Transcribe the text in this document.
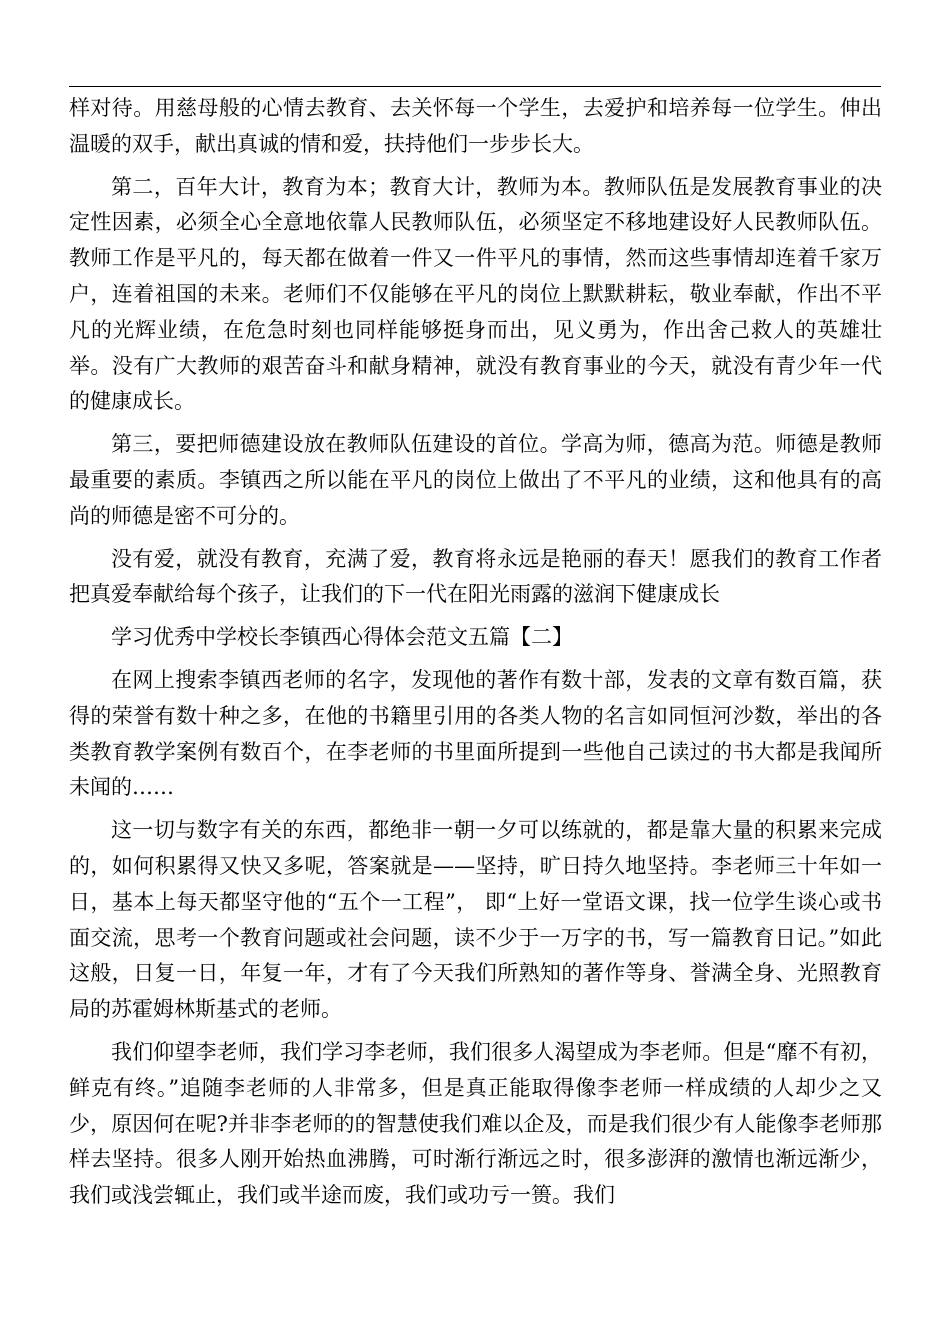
样对待。用慈母般的心情去教育、去关怀每一个学生，去爱护和培养每一位学生。伸出温暖的双手，献出真诚的情和爱，扶持他们一步步长大。

第二，百年大计，教育为本；教育大计，教师为本。教师队伍是发展教育事业的决定性因素，必须全心全意地依靠人民教师队伍，必须坚定不移地建设好人民教师队伍。教师工作是平凡的，每天都在做着一件又一件平凡的事情，然而这些事情却连着千家万户，连着祖国的未来。老师们不仅能够在平凡的岗位上默默耕耘，敬业奉献，作出不平凡的光辉业绩，在危急时刻也同样能够挺身而出，见义勇为，作出舍己救人的英雄壮举。没有广大教师的艰苦奋斗和献身精神，就没有教育事业的今天，就没有青少年一代的健康成长。

第三，要把师德建设放在教师队伍建设的首位。学高为师，德高为范。师德是教师最重要的素质。李镇西之所以能在平凡的岗位上做出了不平凡的业绩，这和他具有的高尚的师德是密不可分的。

没有爱，就没有教育，充满了爱，教育将永远是艳丽的春天！愿我们的教育工作者把真爱奉献给每个孩子，让我们的下一代在阳光雨露的滋润下健康成长

学习优秀中学校长李镇西心得体会范文五篇【二】

在网上搜索李镇西老师的名字，发现他的著作有数十部，发表的文章有数百篇，获得的荣誉有数十种之多，在他的书籍里引用的各类人物的名言如同恒河沙数，举出的各类教育教学案例有数百个，在李老师的书里面所提到一些他自己读过的书大都是我闻所未闻的……

这一切与数字有关的东西，都绝非一朝一夕可以练就的，都是靠大量的积累来完成的，如何积累得又快又多呢，答案就是——坚持，旷日持久地坚持。李老师三十年如一日，基本上每天都坚守他的“五个一工程”， 即“上好一堂语文课，找一位学生谈心或书面交流，思考一个教育问题或社会问题，读不少于一万字的书，写一篇教育日记。”如此这般，日复一日，年复一年，才有了今天我们所熟知的著作等身、誉满全身、光照教育局的苏霍姆林斯基式的老师。

我们仰望李老师，我们学习李老师，我们很多人渴望成为李老师。但是“靡不有初，鲜克有终。”追随李老师的人非常多，但是真正能取得像李老师一样成绩的人却少之又少，原因何在呢?并非李老师的的智慧使我们难以企及，而是我们很少有人能像李老师那样去坚持。很多人刚开始热血沸腾，可时渐行渐远之时，很多澎湃的激情也渐远渐少，我们或浅尝辄止，我们或半途而废，我们或功亏一篑。我们
